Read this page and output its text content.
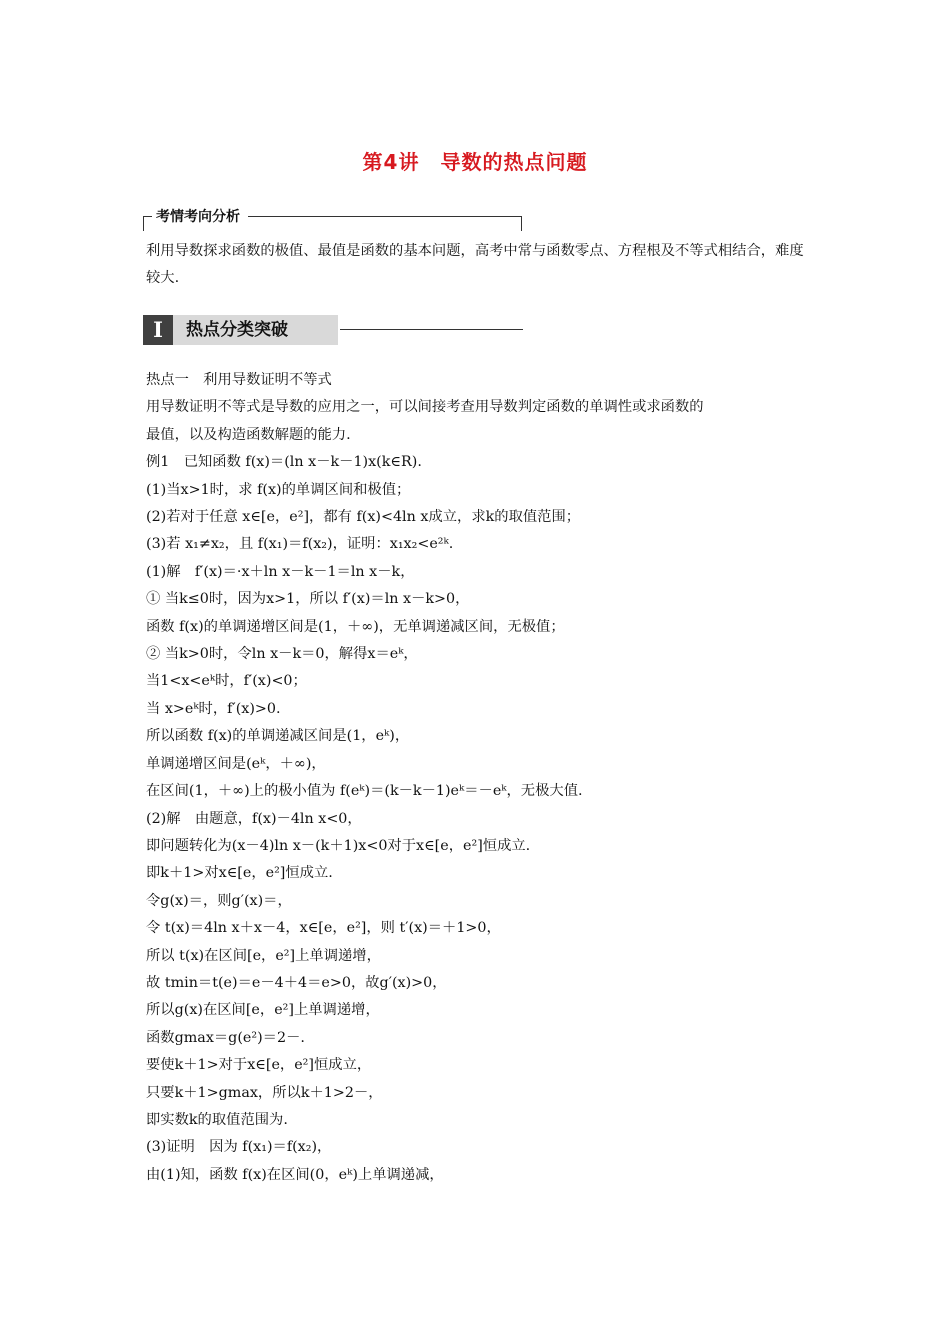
第4讲　导数的热点问题
考情考向分析
利用导数探求函数的极值、最值是函数的基本问题，高考中常与函数零点、方程根及不等式相结合，难度较大.
I	热点分类突破

热点一　利用导数证明不等式

用导数证明不等式是导数的应用之一，可以间接考查用导数判定函数的单调性或求函数的

最值，以及构造函数解题的能力.

例1　已知函数 f(x)＝(ln x－k－1)x(k∈R).

(1)当x>1时，求 f(x)的单调区间和极值；

(2)若对于任意 x∈[e，e²]，都有 f(x)<4ln x成立，求k的取值范围；

(3)若 x₁≠x₂，且 f(x₁)＝f(x₂)，证明：x₁x₂<e²ᵏ.

(1)解　f′(x)＝·x＋ln x－k－1＝ln x－k，

① 当k≤0时，因为x>1，所以 f′(x)＝ln x－k>0，

函数 f(x)的单调递增区间是(1，＋∞)，无单调递减区间，无极值；

② 当k>0时，令ln x－k＝0，解得x＝eᵏ，

当1<x<eᵏ时，f′(x)<0；

当 x>eᵏ时，f′(x)>0.

所以函数 f(x)的单调递减区间是(1，eᵏ)，

单调递增区间是(eᵏ，＋∞)，

在区间(1，＋∞)上的极小值为 f(eᵏ)＝(k－k－1)eᵏ＝－eᵏ，无极大值.

(2)解　由题意，f(x)－4ln x<0，

即问题转化为(x－4)ln x－(k＋1)x<0对于x∈[e，e²]恒成立.

即k＋1>对x∈[e，e²]恒成立.

令g(x)＝，则g′(x)＝，

令 t(x)＝4ln x＋x－4，x∈[e，e²]，则 t′(x)＝＋1>0，

所以 t(x)在区间[e，e²]上单调递增，

故 tmin＝t(e)＝e－4＋4＝e>0，故g′(x)>0，

所以g(x)在区间[e，e²]上单调递增，

函数gmax＝g(e²)＝2－.

要使k＋1>对于x∈[e，e²]恒成立，

只要k＋1>gmax，所以k＋1>2－，

即实数k的取值范围为.

(3)证明　因为 f(x₁)＝f(x₂)，

由(1)知，函数 f(x)在区间(0，eᵏ)上单调递减，
